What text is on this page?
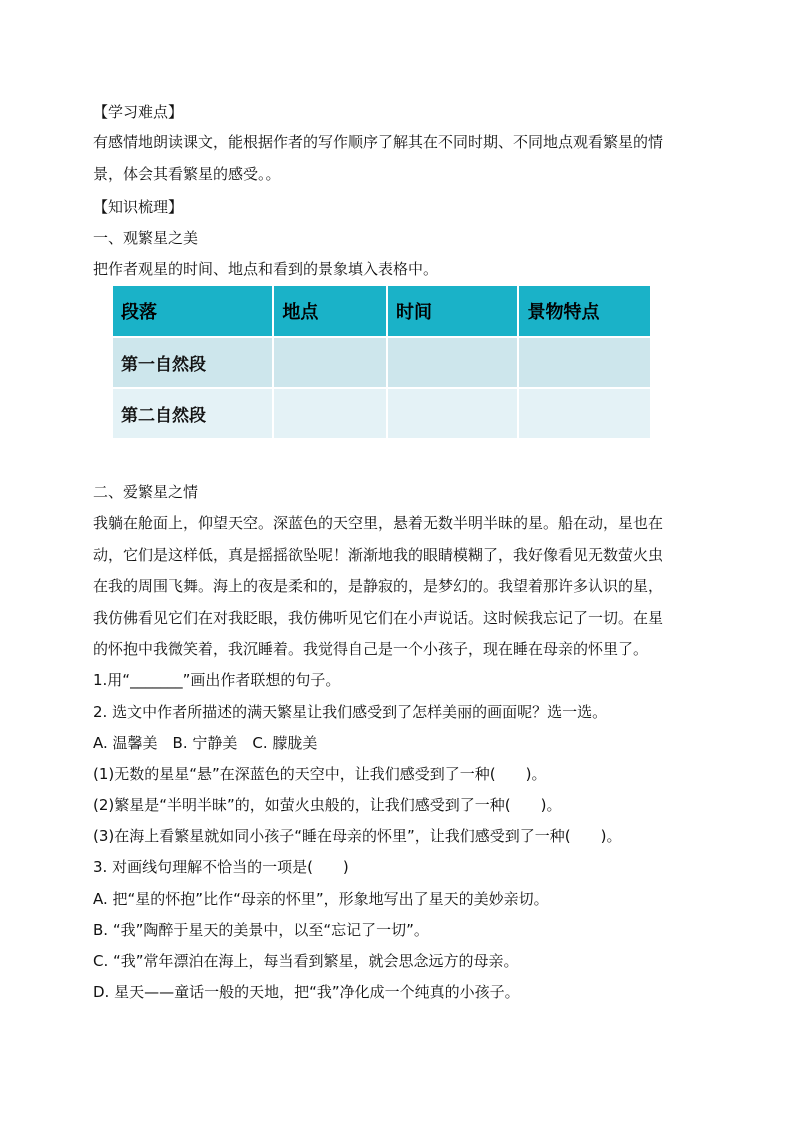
【学习难点】
有感情地朗读课文，能根据作者的写作顺序了解其在不同时期、不同地点观看繁星的情
景，体会其看繁星的感受。。
【知识梳理】
一、观繁星之美
把作者观星的时间、地点和看到的景象填入表格中。
段落	地点	时间	景物特点
第一自然段			
第二自然段			
二、爱繁星之情
我躺在舱面上，仰望天空。深蓝色的天空里，悬着无数半明半昧的星。船在动，星也在
动，它们是这样低，真是摇摇欲坠呢！渐渐地我的眼睛模糊了，我好像看见无数萤火虫
在我的周围飞舞。海上的夜是柔和的，是静寂的，是梦幻的。我望着那许多认识的星，
我仿佛看见它们在对我眨眼，我仿佛听见它们在小声说话。这时候我忘记了一切。在星
的怀抱中我微笑着，我沉睡着。我觉得自己是一个小孩子，现在睡在母亲的怀里了。
1.用“_______”画出作者联想的句子。
2. 选文中作者所描述的满天繁星让我们感受到了怎样美丽的画面呢？选一选。
A. 温馨美　B. 宁静美　C. 朦胧美
(1)无数的星星“悬”在深蓝色的天空中，让我们感受到了一种(　　)。
(2)繁星是“半明半昧”的，如萤火虫般的，让我们感受到了一种(　　)。
(3)在海上看繁星就如同小孩子“睡在母亲的怀里”，让我们感受到了一种(　　)。
3. 对画线句理解不恰当的一项是(　　)
A. 把“星的怀抱”比作“母亲的怀里”，形象地写出了星天的美妙亲切。
B. “我”陶醉于星天的美景中，以至“忘记了一切”。
C. “我”常年漂泊在海上，每当看到繁星，就会思念远方的母亲。
D. 星天——童话一般的天地，把“我”净化成一个纯真的小孩子。
